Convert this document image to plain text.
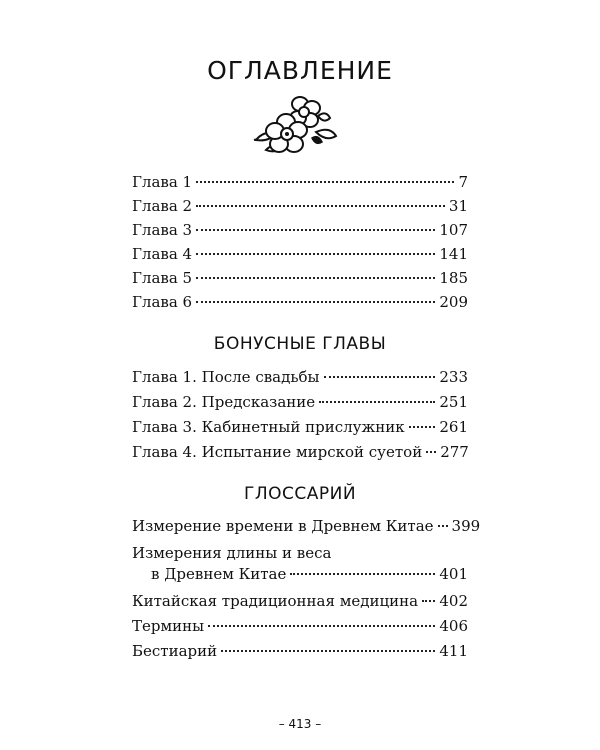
ОГЛАВЛЕНИЕ
Глава 1	7
Глава 2	31
Глава 3	107
Глава 4	141
Глава 5	185
Глава 6	209
БОНУСНЫЕ ГЛАВЫ
Глава 1. После свадьбы	233
Глава 2. Предсказание	251
Глава 3. Кабинетный прислужник 261
Глава 4. Испытание мирской суетой 277
ГЛОССАРИЙ
Измерение времени в Древнем Китае 399
Измерения длины и веса
в Древнем Китае	401
Китайская традиционная медицина 402
Термины	406
Бестиарий	411
– 413 –
